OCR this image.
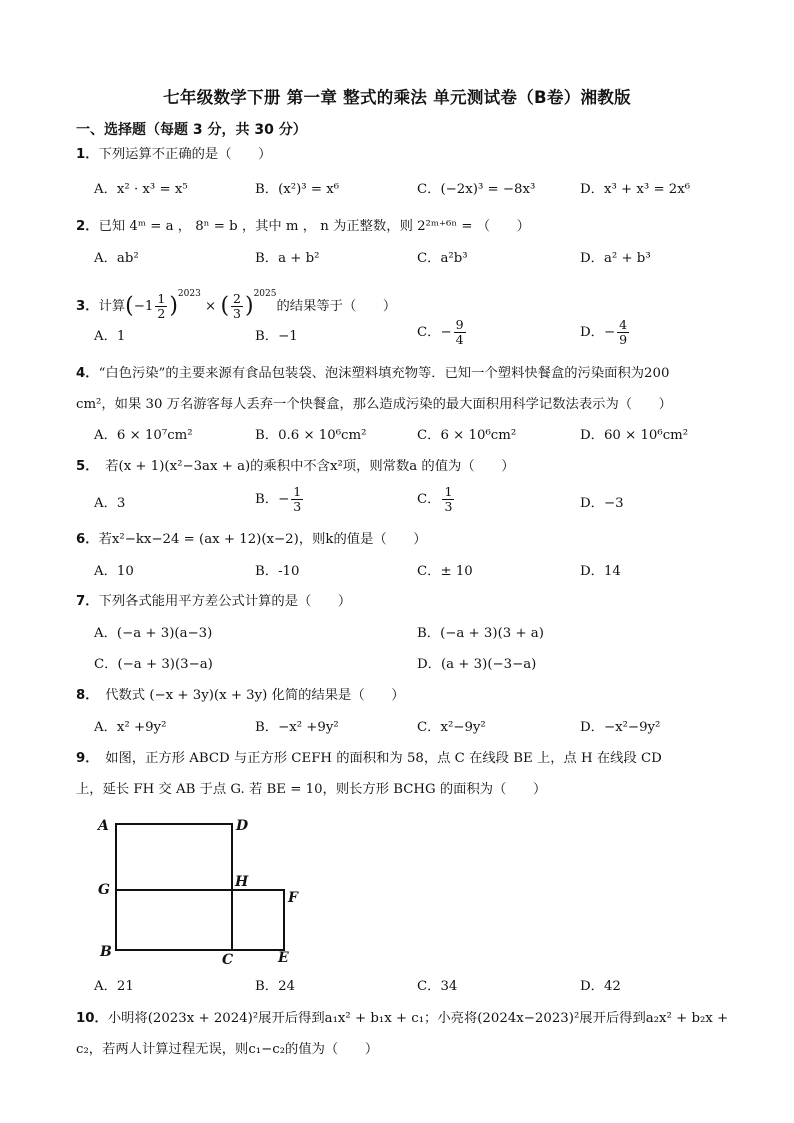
七年级数学下册 第一章 整式的乘法 单元测试卷（B卷）湘教版
一、选择题（每题 3 分，共 30 分）
1．下列运算不正确的是（　　）
A．x² · x³ = x⁵	B．(x²)³ = x⁶	C．(−2x)³ = −8x³	D．x³ + x³ = 2x⁶
2．已知 4ᵐ = a ， 8ⁿ = b ，其中 m ， n 为正整数，则 2²ᵐ⁺⁶ⁿ = （　　）
A．ab²	B．a + b²	C．a²b³	D．a² + b³
3．计算$(-1 \frac{1}{2} )^{2023}$ × ( $\frac{2}{3} )^{2025}$的结果等于（　　）
A．1	B．−1	C．− $\frac{9}{4}$	D．− $\frac{4}{9}$
4．“白色污染”的主要来源有食品包装袋、泡沫塑料填充物等．已知一个塑料快餐盒的污染面积为200
cm²，如果 30 万名游客每人丢弃一个快餐盒，那么造成污染的最大面积用科学记数法表示为（　　）
A．6 × 10⁷cm²	B．0.6 × 10⁶cm²	C．6 × 10⁶cm²	D．60 × 10⁶cm²
5．　若(x + 1)(x²−3ax + a)的乘积中不含x²项，则常数a 的值为（　　）
A．3	B．− $\frac{1}{3}$	C． $\frac{1}{3}$	D．−3
6．若x²−kx−24 = (ax + 12)(x−2)，则k的值是（　　）
A．10	B．-10	C．± 10	D．14
7．下列各式能用平方差公式计算的是（　　）
A．(−a + 3)(a−3)	B．(−a + 3)(3 + a)
C．(−a + 3)(3−a)	D．(a + 3)(−3−a)
8．　代数式 (−x + 3y)(x + 3y) 化简的结果是（　　）
A．x² +9y²	B．−x² +9y²	C．x²−9y²	D．−x²−9y²
9．　如图，正方形 ABCD 与正方形 CEFH 的面积和为 58，点 C 在线段 BE 上，点 H 在线段 CD
上，延长 FH 交 AB 于点 G. 若 BE = 10，则长方形 BCHG 的面积为（　　）
A	D
G	H
F
B	C	E
A．21	B．24	C．34	D．42
10．小明将(2023x + 2024)²展开后得到a₁x² + b₁x + c₁；小亮将(2024x−2023)²展开后得到a₂x² + b₂x +
c₂，若两人计算过程无误，则c₁−c₂的值为（　　）
